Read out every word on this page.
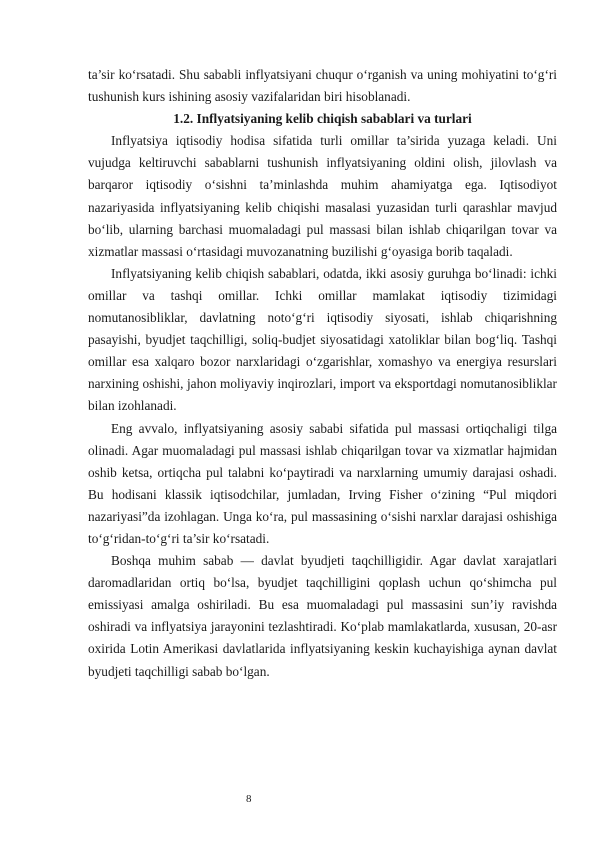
ta’sir ko‘rsatadi. Shu sababli inflyatsiyani chuqur o‘rganish va uning mohiyatini to‘g‘ri tushunish kurs ishining asosiy vazifalaridan biri hisoblanadi.

1.2. Inflyatsiyaning kelib chiqish sabablari va turlari

Inflyatsiya iqtisodiy hodisa sifatida turli omillar ta’sirida yuzaga keladi. Uni vujudga keltiruvchi sabablarni tushunish inflyatsiyaning oldini olish, jilovlash va barqaror iqtisodiy o‘sishni ta’minlashda muhim ahamiyatga ega. Iqtisodiyot nazariyasida inflyatsiyaning kelib chiqishi masalasi yuzasidan turli qarashlar mavjud bo‘lib, ularning barchasi muomaladagi pul massasi bilan ishlab chiqarilgan tovar va xizmatlar massasi o‘rtasidagi muvozanatning buzilishi g‘oyasiga borib taqaladi.

Inflyatsiyaning kelib chiqish sabablari, odatda, ikki asosiy guruhga bo‘linadi: ichki omillar va tashqi omillar. Ichki omillar mamlakat iqtisodiy tizimidagi nomutanosibliklar, davlatning noto‘g‘ri iqtisodiy siyosati, ishlab chiqarishning pasayishi, byudjet taqchilligi, soliq-budjet siyosatidagi xatoliklar bilan bog‘liq. Tashqi omillar esa xalqaro bozor narxlaridagi o‘zgarishlar, xomashyo va energiya resurslari narxining oshishi, jahon moliyaviy inqirozlari, import va eksportdagi nomutanosibliklar bilan izohlanadi.

Eng avvalo, inflyatsiyaning asosiy sababi sifatida pul massasi ortiqchaligi tilga olinadi. Agar muomaladagi pul massasi ishlab chiqarilgan tovar va xizmatlar hajmidan oshib ketsa, ortiqcha pul talabni ko‘paytiradi va narxlarning umumiy darajasi oshadi. Bu hodisani klassik iqtisodchilar, jumladan, Irving Fisher o‘zining “Pul miqdori nazariyasi”da izohlagan. Unga ko‘ra, pul massasining o‘sishi narxlar darajasi oshishiga to‘g‘ridan-to‘g‘ri ta’sir ko‘rsatadi.

Boshqa muhim sabab — davlat byudjeti taqchilligidir. Agar davlat xarajatlari daromadlaridan ortiq bo‘lsa, byudjet taqchilligini qoplash uchun qo‘shimcha pul emissiyasi amalga oshiriladi. Bu esa muomaladagi pul massasini sun’iy ravishda oshiradi va inflyatsiya jarayonini tezlashtiradi. Ko‘plab mamlakatlarda, xususan, 20-asr oxirida Lotin Amerikasi davlatlarida inflyatsiyaning keskin kuchayishiga aynan davlat byudjeti taqchilligi sabab bo‘lgan.

8
